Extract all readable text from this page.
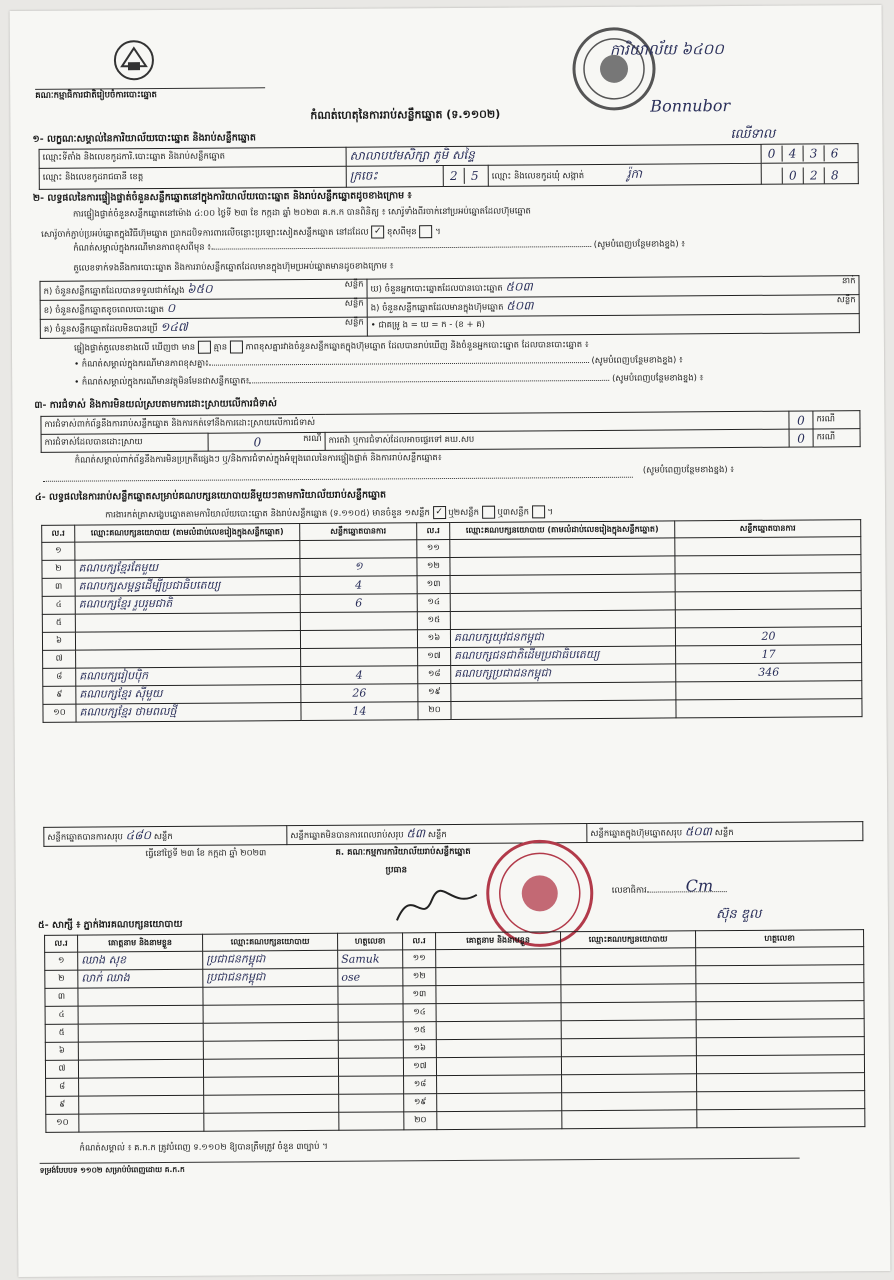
គណៈកម្មាធិការជាតិរៀបចំការបោះឆ្នោត
ការិយាល័យ ៦៤០០
Bonnubor
ឈើទាល
កំណត់ហេតុនៃការរាប់សន្លឹកឆ្នោត (ទ.១១០២)
១- លក្ខណៈសម្គាល់នៃការិយាល័យបោះឆ្នោត និងរាប់សន្លឹកឆ្នោត
ឈ្មោះទីតាំង និងលេខកូដការិ.បោះឆ្នោត និងរាប់សន្លឹកឆ្នោត	សាលាបឋមសិក្សា ភូមិ សន្ទៃ			0 4 3 6
ឈ្មោះ និងលេខកូដរាជធានី ខេត្ត	ក្រចេះ	2 5	ឈ្មោះ និងលេខកូដឃុំ សង្កាត់ រ៉ូកា	0 2 8
២- លទ្ធផលនៃការផ្ទៀងផ្ទាត់ចំនួនសន្លឹកឆ្នោតនៅក្នុងការិយាល័យបោះឆ្នោត និងរាប់សន្លឹកឆ្នោតដូចខាងក្រោម ៖
ការផ្ទៀងផ្ទាត់ចំនួនសន្លឹកឆ្នោតនៅម៉ោង ៤:០០ ថ្ងៃទី ២៣ ខែ កក្កដា ឆ្នាំ ២០២៣ គ.ក.ក បានពិនិត្យ ៖ សោរ៉ូទាំងពីរចាក់នៅប្រអប់ឆ្នោតដែលហ៊ុមឆ្នោត
សោរ៉ូចាក់ភ្ជាប់ប្រអប់ឆ្នោតក្នុងវិធីហ៊ុមឆ្នោត ប្រាកដបិទការពារលើចន្លោះប្រឡោះសៀតសន្លឹកឆ្នោត នៅដដែល ✓ ខុសពីមុន  ។
កំណត់សម្គាល់ក្នុងករណីមានភាពខុសពីមុន ៖	(សូមបំពេញបន្ថែមខាងខ្នង) ៖
តួលេខទាក់ទងនឹងការបោះឆ្នោត និងការរាប់សន្លឹកឆ្នោតដែលមានក្នុងហ៊ុមប្រអប់ឆ្នោតមានដូចខាងក្រោម ៖
ក) ចំនួនសន្លឹកឆ្នោតដែលបានទទួលជាក់ស្តែង ៦៥០ សន្លឹក	ឃ) ចំនួនអ្នកបោះឆ្នោតដែលបានបោះឆ្នោត ៥០៣ នាក់

ខ) ចំនួនសន្លឹកឆ្នោតខូចពេលបោះឆ្នោត ០ សន្លឹក	ង) ចំនួនសន្លឹកឆ្នោតដែលមានក្នុងហ៊ុមឆ្នោត ៥០៣ សន្លឹក

គ) ចំនួនសន្លឹកឆ្នោតដែលមិនបានប្រើ ១៤៧ សន្លឹក	• ជាគម្រូ ង = ឃ = ក - (ខ + គ)
ផ្ទៀងផ្ទាត់តួលេខខាងលើ ឃើញថា មាន គ្មាន ភាពខុសគ្នារវាងចំនួនសន្លឹកឆ្នោតក្នុងហ៊ុមឆ្នោត ដែលបានរាប់ឃើញ និងចំនួនអ្នកបោះឆ្នោត ដែលបានបោះឆ្នោត ៖
• កំណត់សម្គាល់ក្នុងករណីមានភាពខុសគ្នា៖	(សូមបំពេញបន្ថែមខាងខ្នង) ៖
• កំណត់សម្គាល់ក្នុងករណីមានវត្ថុមិនមែនជាសន្លឹកឆ្នោត៖	(សូមបំពេញបន្ថែមខាងខ្នង) ៖
៣- ការជំទាស់ និងការមិនយល់ស្របតាមការដោះស្រាយលើការជំទាស់
ការជំទាស់ពាក់ព័ន្ធនឹងការរាប់សន្លឹកឆ្នោត និងការកត់ទៅនឹងការដោះស្រាយលើការជំទាស់			0	ករណី
ការជំទាស់ដែលបានដោះស្រាយ	0 ករណី	ការតវ៉ា ឬការជំទាស់ដែលអាចផ្ទេរទៅ គឃ.សប	0	ករណី
កំណត់សម្គាល់ពាក់ព័ន្ធនឹងការមិនប្រក្រតីផ្សេងៗ ឬ/និងការជំទាស់ក្នុងអំឡុងពេលនៃការផ្ទៀងផ្ទាត់ និងការរាប់សន្លឹកឆ្នោត៖
(សូមបំពេញបន្ថែមខាងខ្នង) ៖
៤- លទ្ធផលនៃការរាប់សន្លឹកឆ្នោតសម្រាប់គណបក្សនយោបាយនីមួយៗតាមការិយាល័យរាប់សន្លឹកឆ្នោត
ការងារកត់ត្រាសង្ខេបឆ្នោតតាមការិយាល័យបោះឆ្នោត និងរាប់សន្លឹកឆ្នោត (ទ.១១០៥) មានចំនួន ១សន្លឹក ✓ ឬ២សន្លឹក ឬ៣សន្លឹក  ។
ល.រ	ឈ្មោះគណបក្សនយោបាយ (តាមលំដាប់លេខរៀងក្នុងសន្លឹកឆ្នោត)	សន្លឹកឆ្នោតបានការ	ល.រ	ឈ្មោះគណបក្សនយោបាយ (តាមលំដាប់លេខរៀងក្នុងសន្លឹកឆ្នោត)	សន្លឹកឆ្នោតបានការ
១			១១		
២	គណបក្សខ្មែរតែមួយ	១	១២		
៣	គណបក្សសម្ពន្ធដើម្បីប្រជាធិបតេយ្យ	4	១៣		
៤	គណបក្សខ្មែរ រួបរួមជាតិ	6	១៤		
៥			១៥		
៦			១៦	គណបក្សយុវជនកម្ពុជា	20
៧			១៧	គណបក្សជនជាតិដើមប្រជាធិបតេយ្យ	17
៨	គណបក្សរៀបប៉ិក	4	១៨	គណបក្សប្រជាជនកម្ពុជា	346
៩	គណបក្សខ្មែរ ស៊ីមួយ	26	១៩		
១០	គណបក្សខ្មែរ ថាមពលថ្មី	14	២០		
សន្លឹកឆ្នោតបានការសរុប ៤៨០ សន្លឹក	សន្លឹកឆ្នោតមិនបានការពេលរាប់សរុប ៥៣ សន្លឹក	សន្លឹកឆ្នោតក្នុងហ៊ុមឆ្នោតសរុប ៥០៣ សន្លឹក
ធ្វើនៅថ្ងៃទី ២៣ ខែ កក្កដា ឆ្នាំ ២០២៣	គ. គណៈកម្មការការិយាល័យរាប់សន្លឹកឆ្នោត
ប្រធាន
លេខាធិការ	Cm
ស៊ុន ឌួល
៥- សាក្សី ៖ ភ្នាក់ងារគណបក្សនយោបាយ
ល.រ	គោត្តនាម និងនាមខ្លួន	ឈ្មោះគណបក្សនយោបាយ	ហត្ថលេខា	ល.រ	គោត្តនាម និងនាមខ្លួន	ឈ្មោះគណបក្សនយោបាយ	ហត្ថលេខា
១	ឈាង សុខ	ប្រជាជនកម្ពុជា	Samuk	១១			
២	លាក់ ឈាង	ប្រជាជនកម្ពុជា	ose	១២			
៣				១៣			
៤				១៤			
៥				១៥			
៦				១៦			
៧				១៧			
៨				១៨			
៩				១៩			
១០				២០			
កំណត់សម្គាល់ ៖ គ.ក.ក ត្រូវបំពេញ ទ.១១០២ ឱ្យបានត្រឹមត្រូវ ចំនួន ៣ច្បាប់ ។
ទម្រង់បែបបទ ១១០២ សម្រាប់បំពេញដោយ គ.ក.ក
